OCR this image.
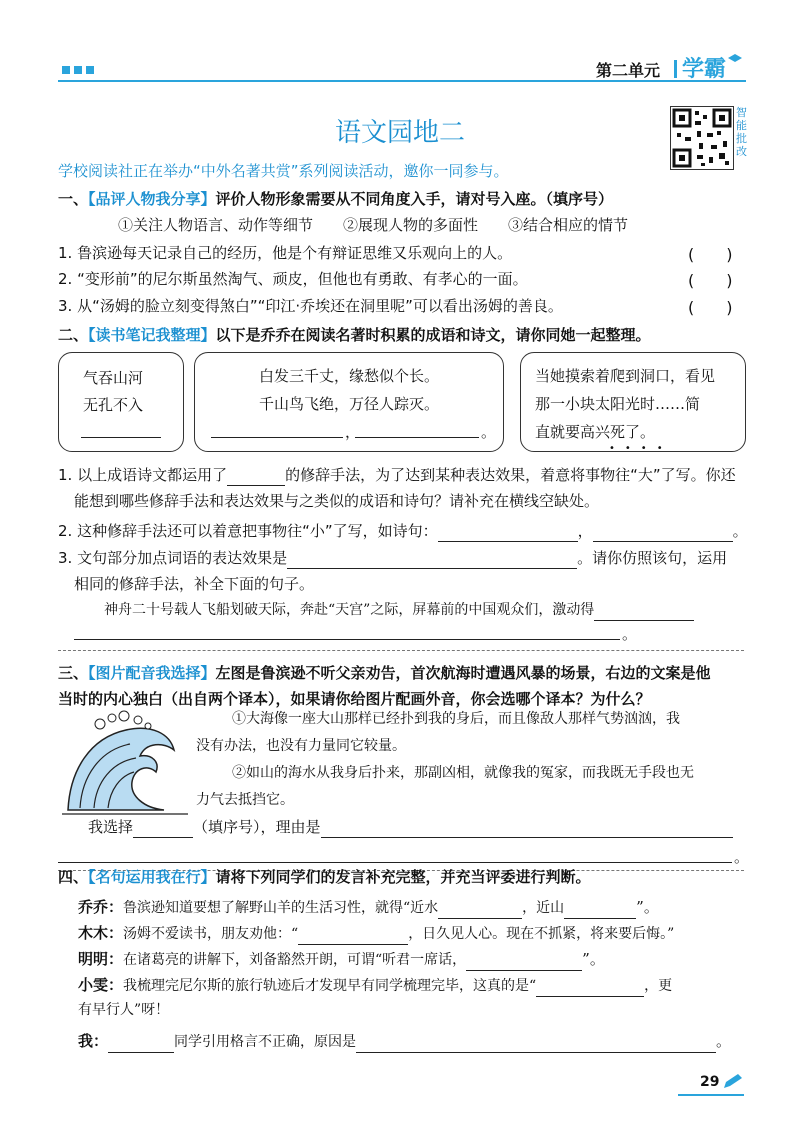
第二单元 学霸
语文园地二
智能批改
学校阅读社正在举办“中外名著共赏”系列阅读活动，邀你一同参与。
一、【品评人物我分享】评价人物形象需要从不同角度入手，请对号入座。（填序号）
①关注人物语言、动作等细节　　②展现人物的多面性　　③结合相应的情节
1. 鲁滨逊每天记录自己的经历，他是个有辩证思维又乐观向上的人。	(　　)
2. “变形前”的尼尔斯虽然淘气、顽皮，但他也有勇敢、有孝心的一面。	(　　)
3. 从“汤姆的脸立刻变得煞白”“印江·乔埃还在洞里呢”可以看出汤姆的善良。	(　　)
二、【读书笔记我整理】以下是乔乔在阅读名著时积累的成语和诗文，请你同她一起整理。
气吞山河
无孔不入
白发三千丈，缘愁似个长。
千山鸟飞绝，万径人踪灭。
，	。
当她摸索着爬到洞口，看见
那一小块太阳光时……简
直就要高兴死了。
••••
1. 以上成语诗文都运用了	的修辞手法，为了达到某种表达效果，着意将事物往“大”了写。你还
能想到哪些修辞手法和表达效果与之类似的成语和诗句？请补充在横线空缺处。
2. 这种修辞手法还可以着意把事物往“小”了写，如诗句：	，	。
3. 文句部分加点词语的表达效果是	。请你仿照该句，运用
相同的修辞手法，补全下面的句子。
神舟二十号载人飞船划破天际，奔赴“天宫”之际，屏幕前的中国观众们，激动得
。
三、【图片配音我选择】左图是鲁滨逊不听父亲劝告，首次航海时遭遇风暴的场景，右边的文案是他
当时的内心独白（出自两个译本），如果请你给图片配画外音，你会选哪个译本？为什么？
①大海像一座大山那样已经扑到我的身后，而且像敌人那样气势汹汹，我
没有办法，也没有力量同它较量。
②如山的海水从我身后扑来，那副凶相，就像我的冤家，而我既无手段也无
力气去抵挡它。
我选择	（填序号），理由是
。
四、【名句运用我在行】请将下列同学们的发言补充完整，并充当评委进行判断。
乔乔：鲁滨逊知道要想了解野山羊的生活习性，就得“近水	，近山	”。
木木：汤姆不爱读书，朋友劝他：“	，日久见人心。现在不抓紧，将来要后悔。”
明明：在诸葛亮的讲解下，刘备豁然开朗，可谓“听君一席话，	”。
小雯：我梳理完尼尔斯的旅行轨迹后才发现早有同学梳理完毕，这真的是“	，更
有早行人”呀！
我：	同学引用格言不正确，原因是	。
29
